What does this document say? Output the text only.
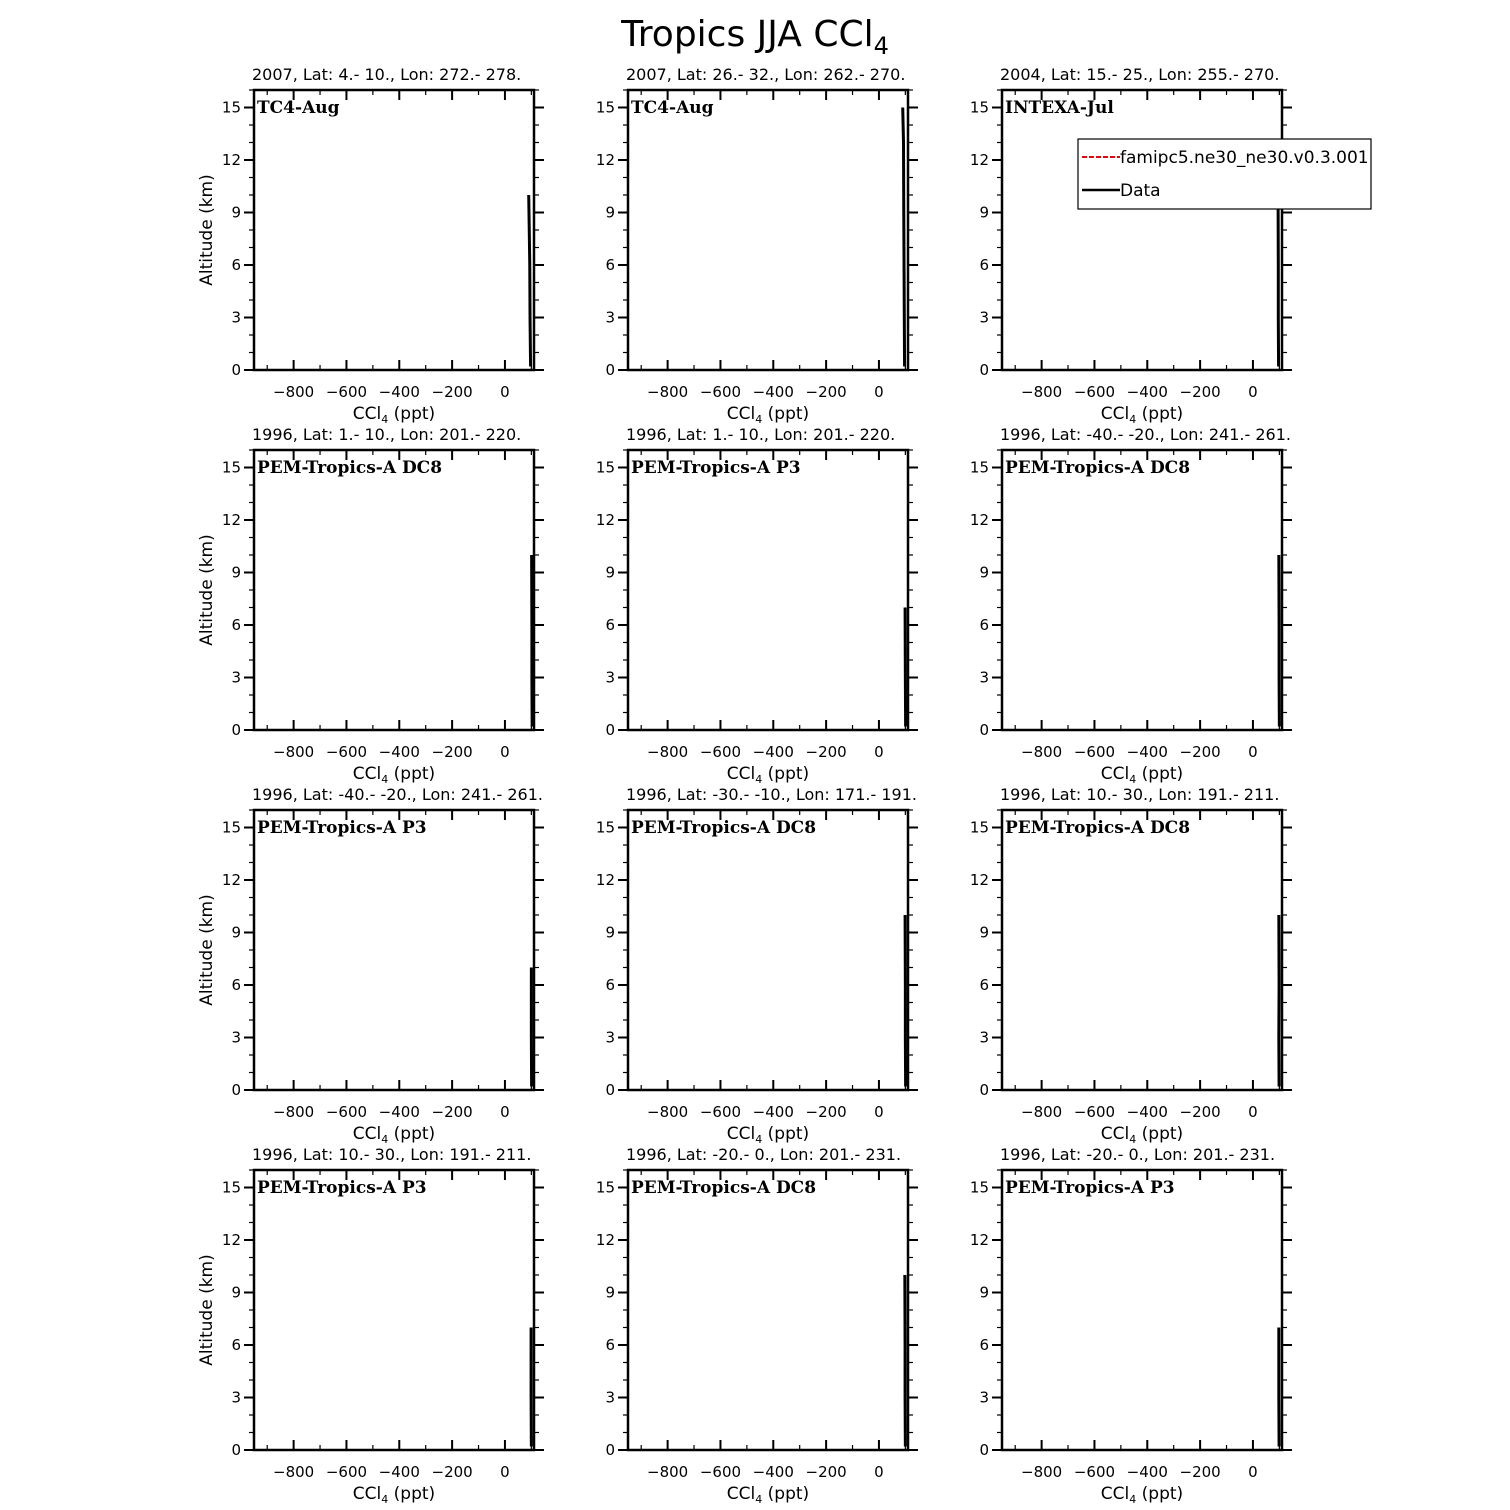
Tropics JJA CCl$_4$
2007, Lat: 4.- 10., Lon: 272.- 278.
−800 −600 −400 −200 0
0
3
6
9
12
15 TC4-Aug
CCl$_4$ (ppt)
Altitude (km)
2007, Lat: 26.- 32., Lon: 262.- 270.
−800 −600 −400 −200 0
0
3
6
9
12
15 TC4-Aug
CCl$_4$ (ppt)
2004, Lat: 15.- 25., Lon: 255.- 270.
−800 −600 −400 −200 0
0
3
6
9
12
15 INTEXA-Jul
CCl$_4$ (ppt)
famipc5.ne30_ne30.v0.3.001
Data
1996, Lat: 1.- 10., Lon: 201.- 220.
−800 −600 −400 −200 0
0
3
6
9
12
15 PEM-Tropics-A DC8
CCl$_4$ (ppt)
Altitude (km)
1996, Lat: 1.- 10., Lon: 201.- 220.
−800 −600 −400 −200 0
0
3
6
9
12
15 PEM-Tropics-A P3
CCl$_4$ (ppt)
1996, Lat: -40.- -20., Lon: 241.- 261.
−800 −600 −400 −200 0
0
3
6
9
12
15 PEM-Tropics-A DC8
CCl$_4$ (ppt)
1996, Lat: -40.- -20., Lon: 241.- 261.
−800 −600 −400 −200 0
0
3
6
9
12
15 PEM-Tropics-A P3
CCl$_4$ (ppt)
Altitude (km)
1996, Lat: -30.- -10., Lon: 171.- 191.
−800 −600 −400 −200 0
0
3
6
9
12
15 PEM-Tropics-A DC8
CCl$_4$ (ppt)
1996, Lat: 10.- 30., Lon: 191.- 211.
−800 −600 −400 −200 0
0
3
6
9
12
15 PEM-Tropics-A DC8
CCl$_4$ (ppt)
1996, Lat: 10.- 30., Lon: 191.- 211.
−800 −600 −400 −200 0
0
3
6
9
12
15 PEM-Tropics-A P3
CCl$_4$ (ppt)
Altitude (km)
1996, Lat: -20.- 0., Lon: 201.- 231.
−800 −600 −400 −200 0
0
3
6
9
12
15 PEM-Tropics-A DC8
CCl$_4$ (ppt)
1996, Lat: -20.- 0., Lon: 201.- 231.
−800 −600 −400 −200 0
0
3
6
9
12
15 PEM-Tropics-A P3
CCl$_4$ (ppt)
